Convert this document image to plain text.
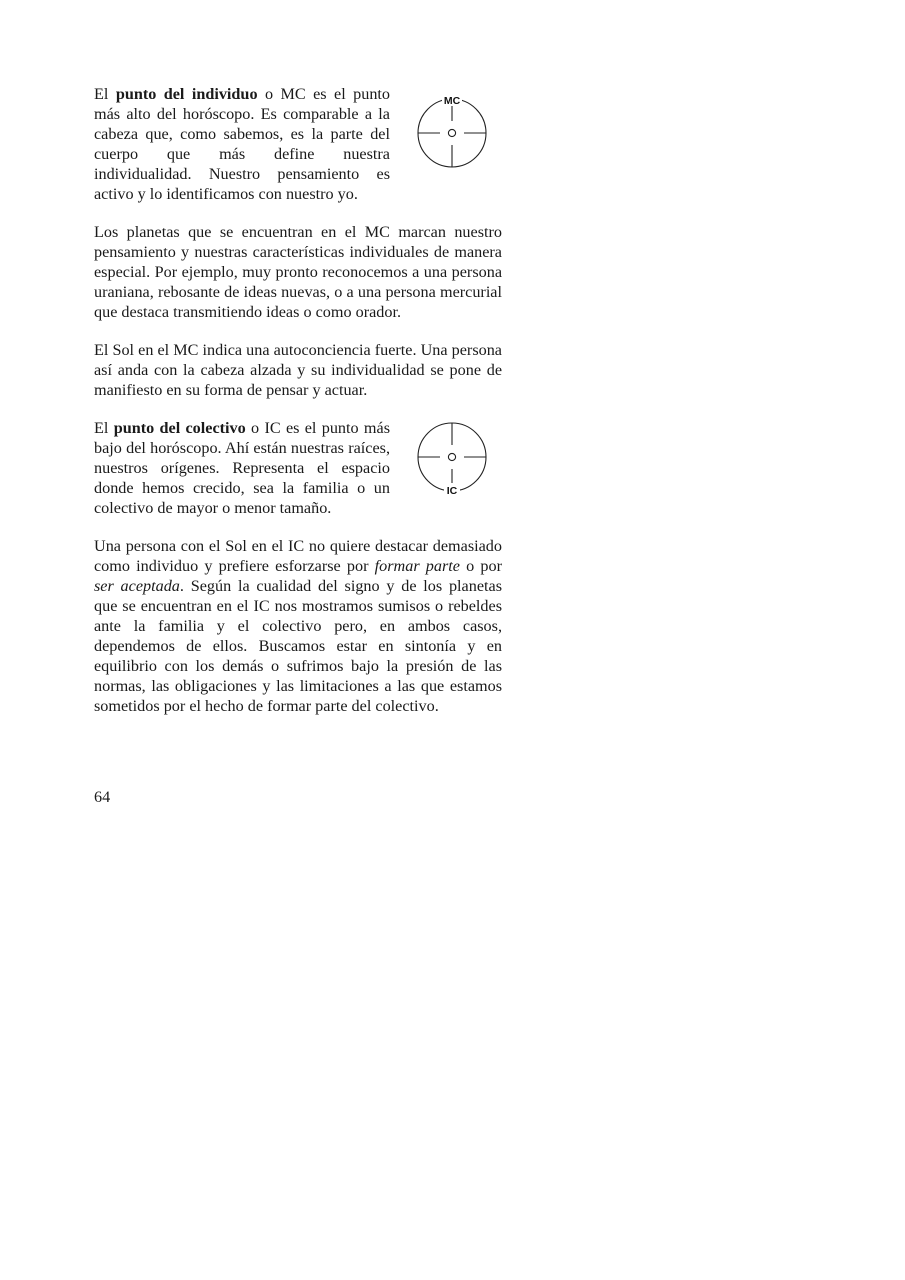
MC

El punto del individuo o MC es el punto más alto del horóscopo. Es comparable a la cabeza que, como sabemos, es la parte del cuerpo que más define nuestra individualidad. Nuestro pensamiento es activo y lo identificamos con nuestro yo.

Los planetas que se encuentran en el MC marcan nuestro pensamiento y nuestras características individuales de manera especial. Por ejemplo, muy pronto reconocemos a una persona uraniana, rebosante de ideas nuevas, o a una persona mercurial que destaca transmitiendo ideas o como orador.

El Sol en el MC indica una autoconciencia fuerte. Una persona así anda con la cabeza alzada y su individualidad se pone de manifiesto en su forma de pensar y actuar.

IC

El punto del colectivo o IC es el punto más bajo del horóscopo. Ahí están nuestras raíces, nuestros orígenes. Representa el espacio donde hemos crecido, sea la familia o un colectivo de mayor o menor tamaño.

Una persona con el Sol en el IC no quiere destacar demasiado como individuo y prefiere esforzarse por formar parte o por ser aceptada. Según la cualidad del signo y de los planetas que se encuentran en el IC nos mostramos sumisos o rebeldes ante la familia y el colectivo pero, en ambos casos, dependemos de ellos. Buscamos estar en sintonía y en equilibrio con los demás o sufrimos bajo la presión de las normas, las obligaciones y las limitaciones a las que estamos sometidos por el hecho de formar parte del colectivo.

64
